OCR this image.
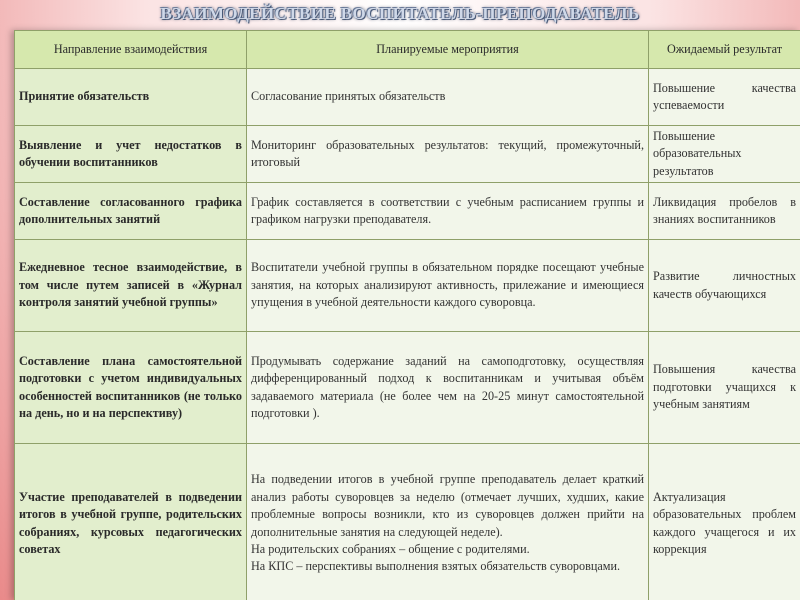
ВЗАИМОДЕЙСТВИЕ ВОСПИТАТЕЛЬ-ПРЕПОДАВАТЕЛЬ
Направление взаимодействия	Планируемые мероприятия	Ожидаемый результат
Принятие обязательств	Согласование принятых обязательств	Повышение качества успеваемости
Выявление и учет недостатков в обучении воспитанников	Мониторинг образовательных результатов: текущий, промежуточный, итоговый	Повышение образовательных результатов
Составление согласованного графика дополнительных занятий	График составляется в соответствии с учебным расписанием группы и графиком нагрузки преподавателя.	Ликвидация пробелов в знаниях воспитанников
Ежедневное тесное взаимодействие, в том числе путем записей в «Журнал контроля занятий учебной группы»	Воспитатели учебной группы в обязательном порядке посещают учебные занятия, на которых анализируют активность, прилежание и имеющиеся упущения в учебной деятельности каждого суворовца.	Развитие личностных качеств обучающихся
Составление плана самостоятельной подготовки с учетом индивидуальных особенностей воспитанников (не только на день, но и на перспективу)	Продумывать содержание заданий на самоподготовку, осуществляя дифференцированный подход к воспитанникам и учитывая объём задаваемого материала (не более чем на 20-25 минут самостоятельной подготовки ).	Повышения качества подготовки учащихся к учебным занятиям
Участие преподавателей в подведении итогов в учебной группе, родительских собраниях, курсовых педагогических советах	На подведении итогов в учебной группе преподаватель делает краткий анализ работы суворовцев за неделю (отмечает лучших, худших, какие проблемные вопросы возникли, кто из суворовцев должен прийти на дополнительные занятия на следующей неделе).
На родительских собраниях – общение с родителями.
На КПС – перспективы выполнения взятых обязательств суворовцами.	Актуализация образовательных проблем каждого учащегося и их коррекция
